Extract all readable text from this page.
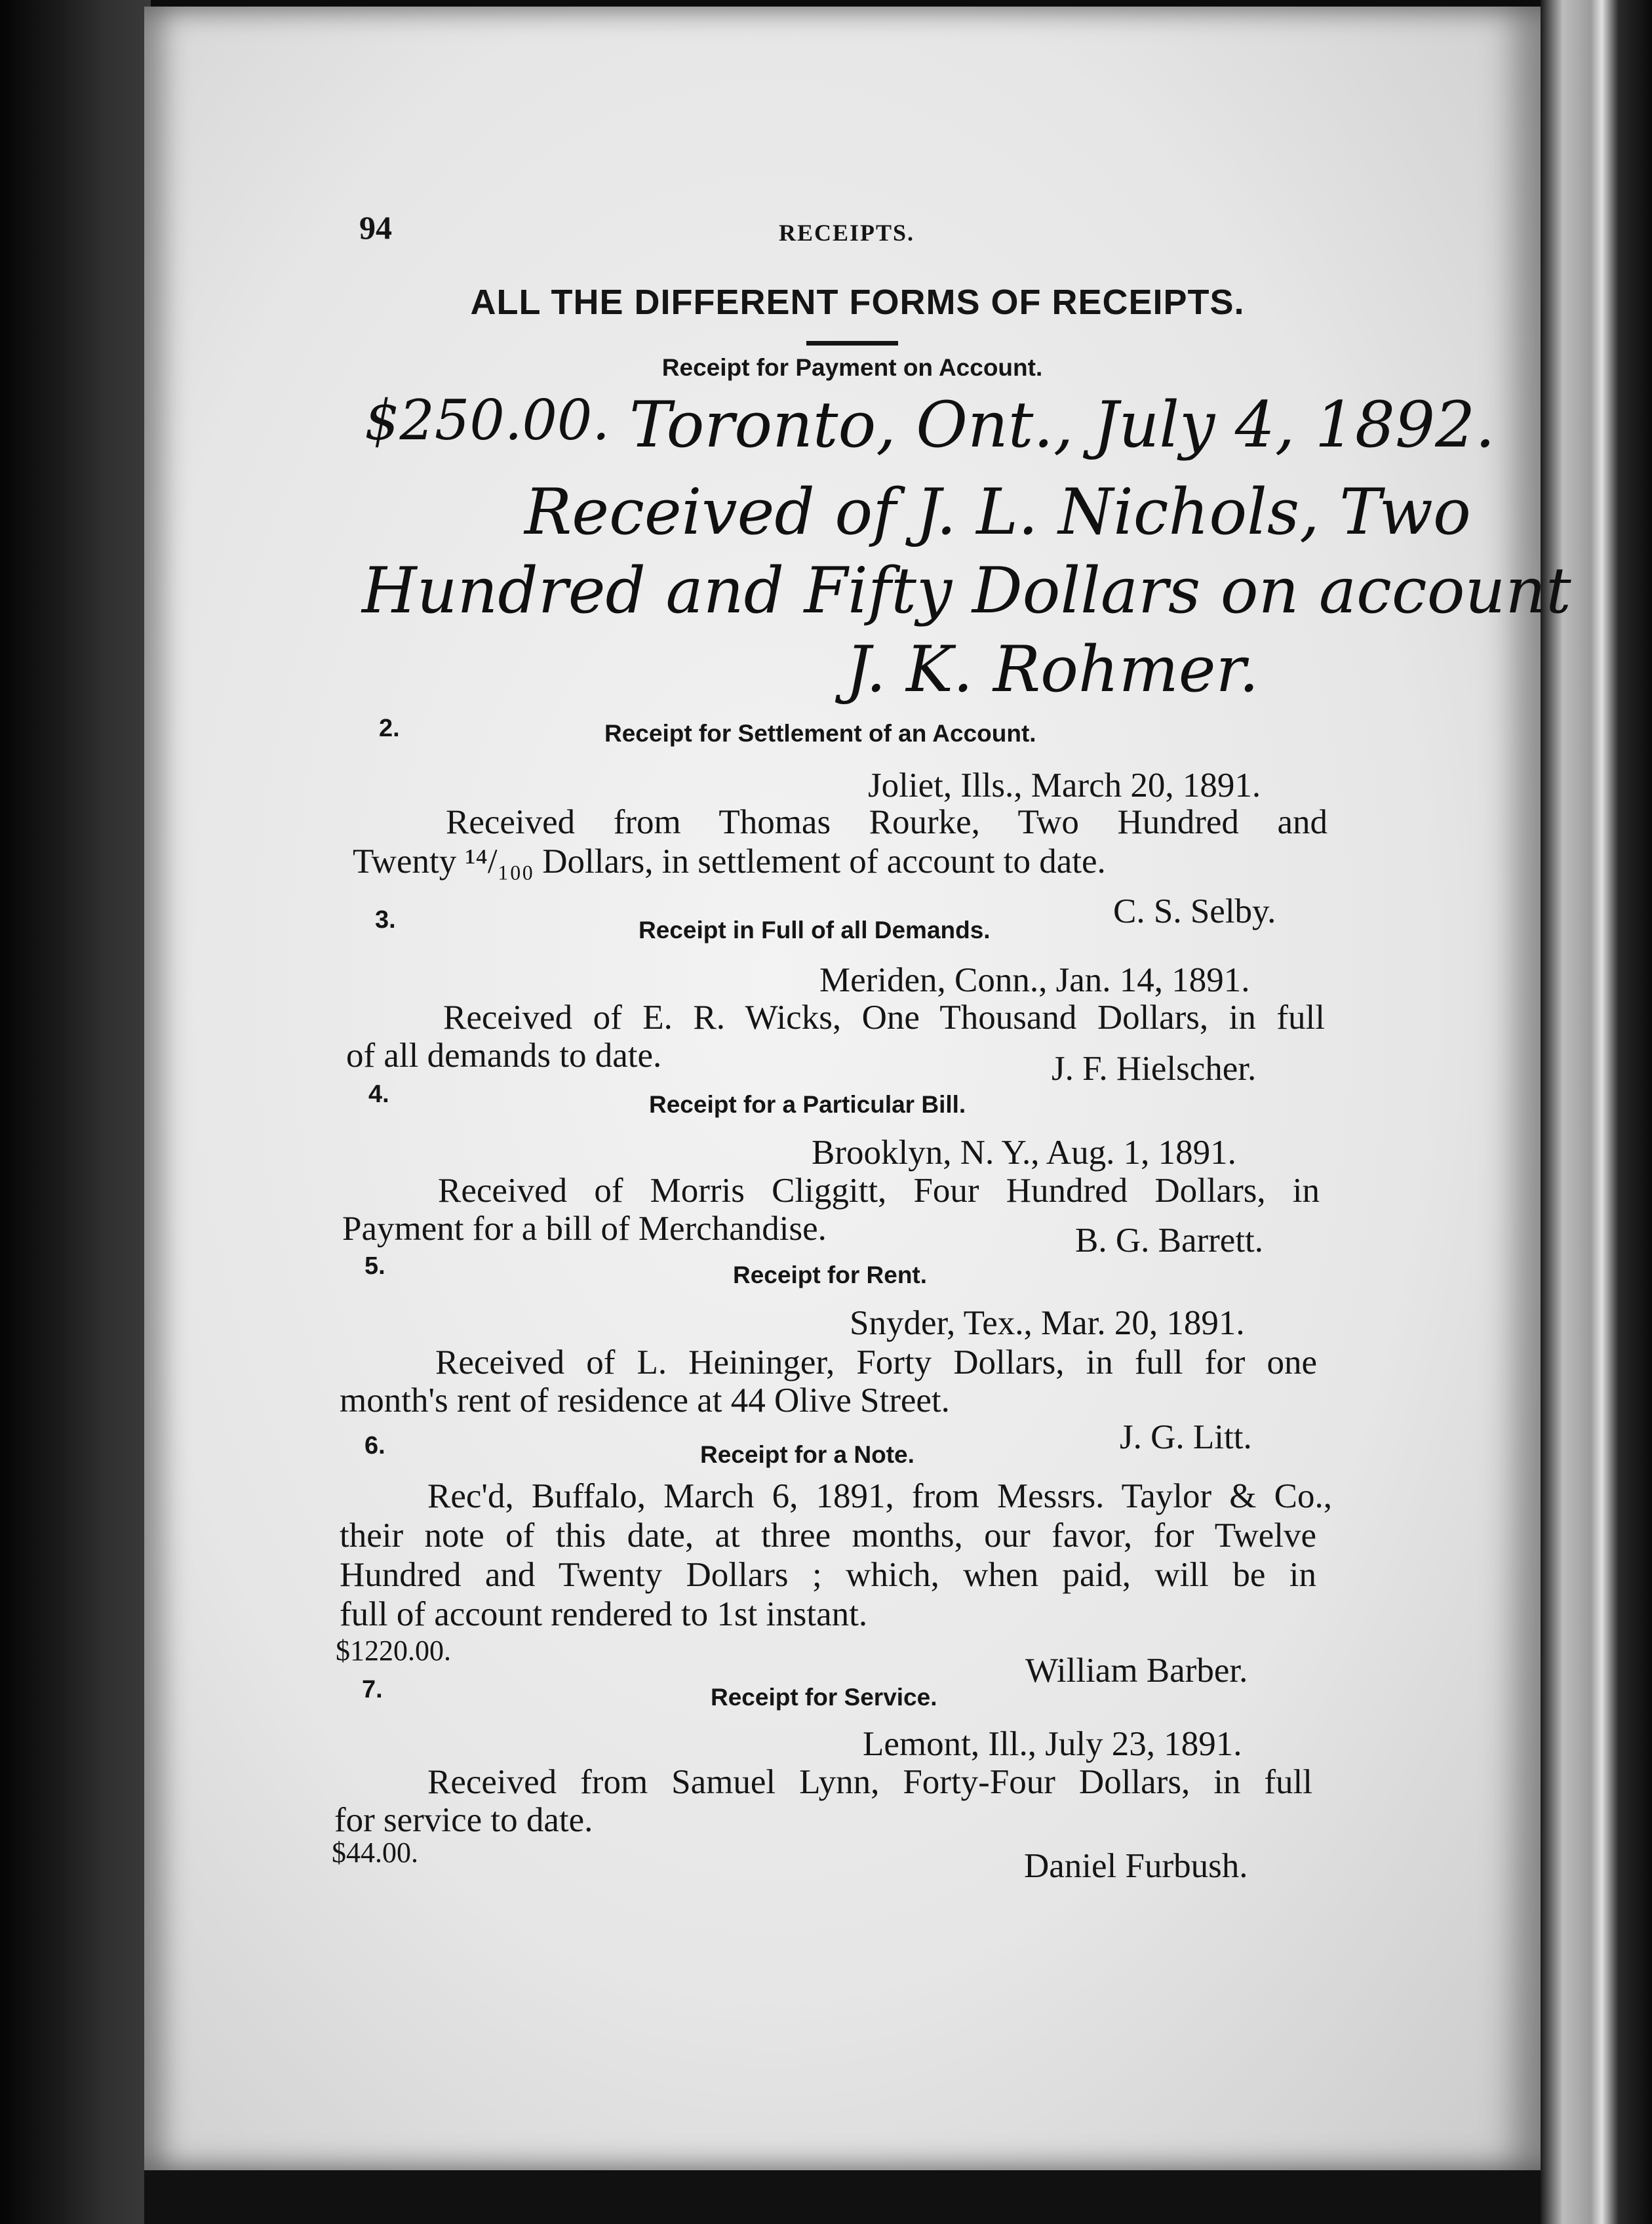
94	RECEIPTS.
ALL THE DIFFERENT FORMS OF RECEIPTS.
Receipt for Payment on Account.
$250.00. Toronto, Ont., July 4, 1892.
Received of J. L. Nichols, Two
Hundred and Fifty Dollars on account
J. K. Rohmer.
2.	Receipt for Settlement of an Account.
Joliet, Ills., March 20, 1891.
Received from Thomas Rourke, Two Hundred and
Twenty ¹⁴/₁₀₀ Dollars, in settlement of account to date.
C. S. Selby.
3.	Receipt in Full of all Demands.
Meriden, Conn., Jan. 14, 1891.
Received of E. R. Wicks, One Thousand Dollars, in full
of all demands to date.	J. F. Hielscher.
4.	Receipt for a Particular Bill.
Brooklyn, N. Y., Aug. 1, 1891.
Received of Morris Cliggitt, Four Hundred Dollars, in
Payment for a bill of Merchandise.	B. G. Barrett.
5.	Receipt for Rent.
Snyder, Tex., Mar. 20, 1891.
Received of L. Heininger, Forty Dollars, in full for one
month's rent of residence at 44 Olive Street.
J. G. Litt.
6.	Receipt for a Note.
Rec'd, Buffalo, March 6, 1891, from Messrs. Taylor & Co.,
their note of this date, at three months, our favor, for Twelve
Hundred and Twenty Dollars ; which, when paid, will be in
full of account rendered to 1st instant.
$1220.00.
William Barber.
7.	Receipt for Service.
Lemont, Ill., July 23, 1891.
Received from Samuel Lynn, Forty-Four Dollars, in full
for service to date.
$44.00.	Daniel Furbush.
